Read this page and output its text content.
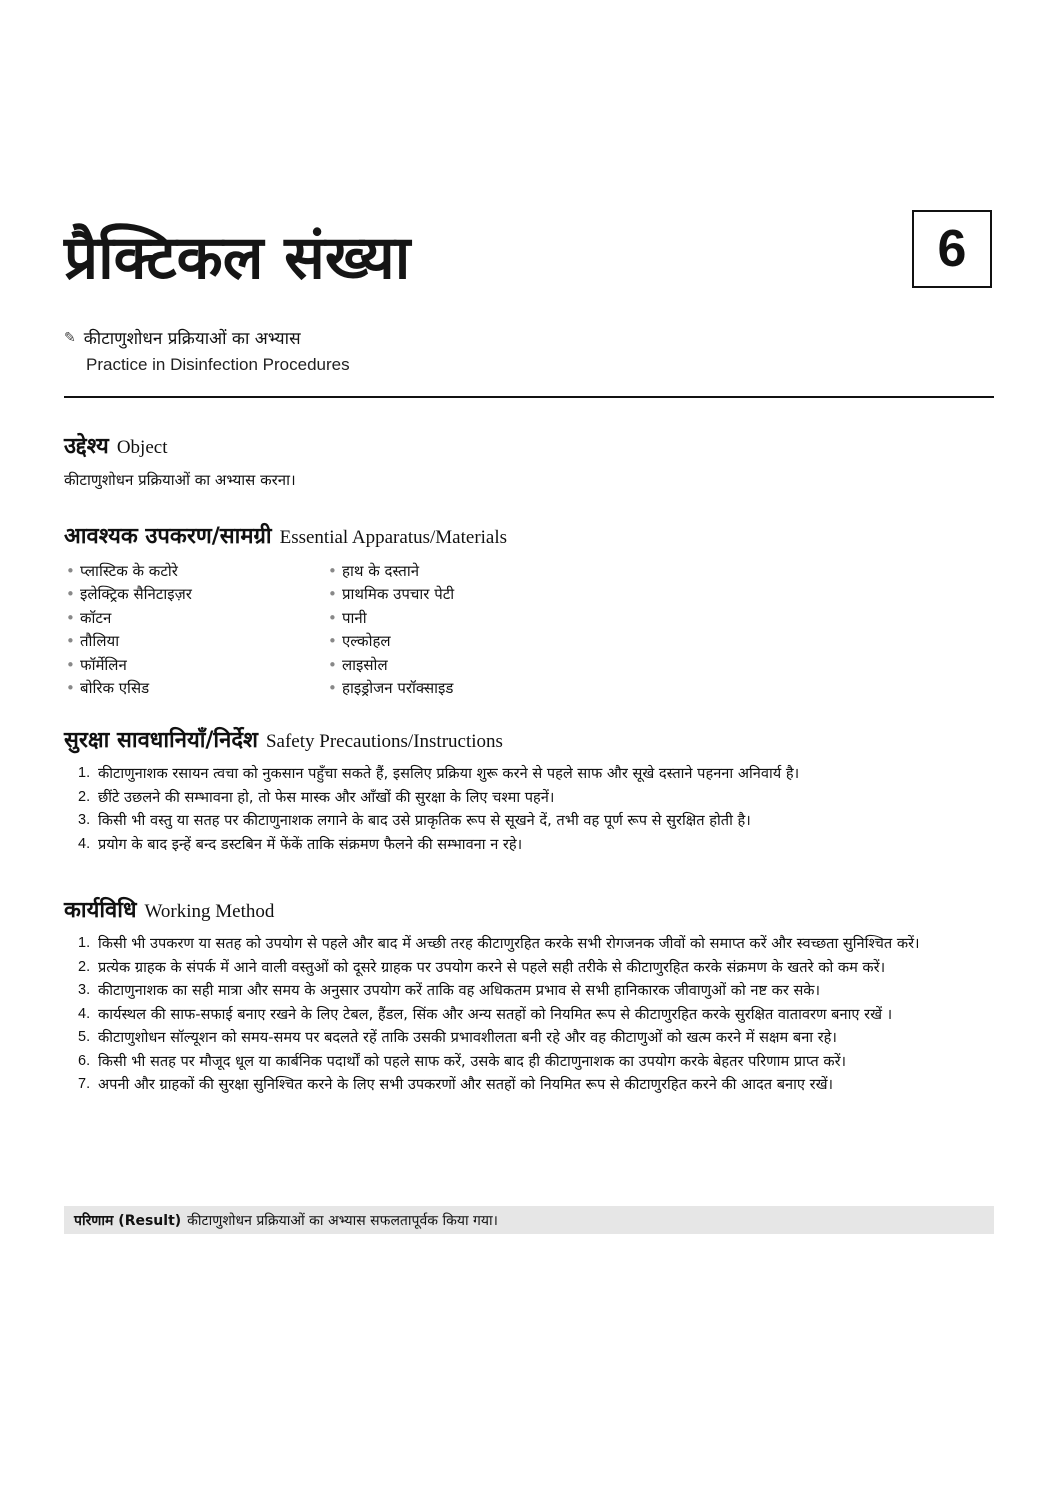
प्रैक्टिकल संख्या	6
✎ कीटाणुशोधन प्रक्रियाओं का अभ्यास
Practice in Disinfection Procedures
उद्देश्य Object
कीटाणुशोधन प्रक्रियाओं का अभ्यास करना।
आवश्यक उपकरण/सामग्री Essential Apparatus/Materials
• प्लास्टिक के कटोरे
• इलेक्ट्रिक सैनिटाइज़र
• कॉटन
• तौलिया
• फॉर्मेलिन
• बोरिक एसिड
• हाथ के दस्ताने
• प्राथमिक उपचार पेटी
• पानी
• एल्कोहल
• लाइसोल
• हाइड्रोजन परॉक्साइड
सुरक्षा सावधानियाँ/निर्देश Safety Precautions/Instructions
1. कीटाणुनाशक रसायन त्वचा को नुकसान पहुँचा सकते हैं, इसलिए प्रक्रिया शुरू करने से पहले साफ और सूखे दस्ताने पहनना अनिवार्य है।
2. छींटे उछलने की सम्भावना हो, तो फेस मास्क और आँखों की सुरक्षा के लिए चश्मा पहनें।
3. किसी भी वस्तु या सतह पर कीटाणुनाशक लगाने के बाद उसे प्राकृतिक रूप से सूखने दें, तभी वह पूर्ण रूप से सुरक्षित होती है।
4. प्रयोग के बाद इन्हें बन्द डस्टबिन में फेंकें ताकि संक्रमण फैलने की सम्भावना न रहे।
कार्यविधि Working Method
1. किसी भी उपकरण या सतह को उपयोग से पहले और बाद में अच्छी तरह कीटाणुरहित करके सभी रोगजनक जीवों को समाप्त करें और स्वच्छता सुनिश्चित करें।
2. प्रत्येक ग्राहक के संपर्क में आने वाली वस्तुओं को दूसरे ग्राहक पर उपयोग करने से पहले सही तरीके से कीटाणुरहित करके संक्रमण के खतरे को कम करें।
3. कीटाणुनाशक का सही मात्रा और समय के अनुसार उपयोग करें ताकि वह अधिकतम प्रभाव से सभी हानिकारक जीवाणुओं को नष्ट कर सके।
4. कार्यस्थल की साफ-सफाई बनाए रखने के लिए टेबल, हैंडल, सिंक और अन्य सतहों को नियमित रूप से कीटाणुरहित करके सुरक्षित वातावरण बनाए रखें ।
5. कीटाणुशोधन सॉल्यूशन को समय-समय पर बदलते रहें ताकि उसकी प्रभावशीलता बनी रहे और वह कीटाणुओं को खत्म करने में सक्षम बना रहे।
6. किसी भी सतह पर मौजूद धूल या कार्बनिक पदार्थों को पहले साफ करें, उसके बाद ही कीटाणुनाशक का उपयोग करके बेहतर परिणाम प्राप्त करें।
7. अपनी और ग्राहकों की सुरक्षा सुनिश्चित करने के लिए सभी उपकरणों और सतहों को नियमित रूप से कीटाणुरहित करने की आदत बनाए रखें।
परिणाम (Result) कीटाणुशोधन प्रक्रियाओं का अभ्यास सफलतापूर्वक किया गया।
